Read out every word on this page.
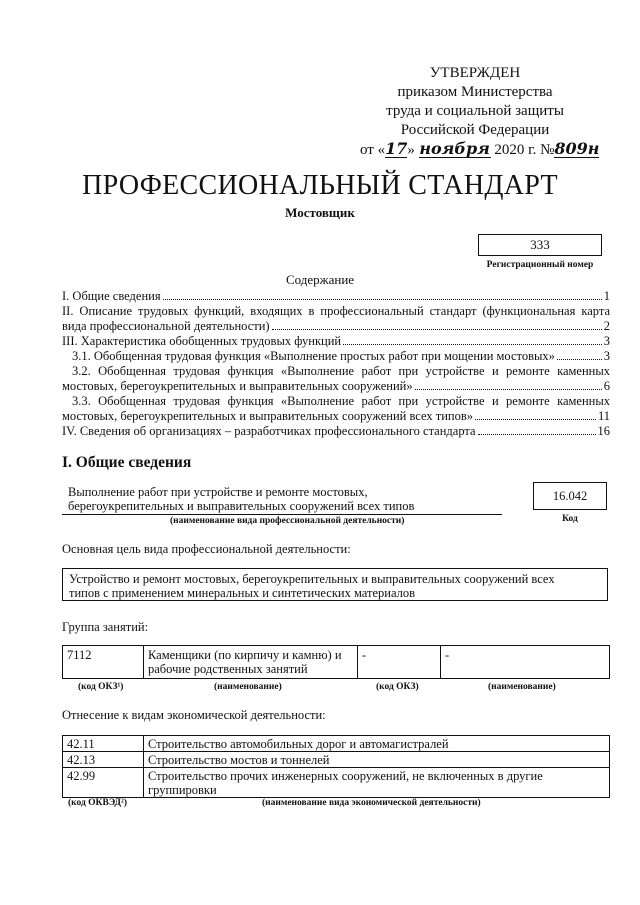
УТВЕРЖДЕН
приказом Министерства
труда и социальной защиты
Российской Федерации
от «17» ноября 2020 г. №809н
ПРОФЕССИОНАЛЬНЫЙ СТАНДАРТ
Мостовщик
333
Регистрационный номер
Содержание
I. Общие сведения	1
II. Описание трудовых функций, входящих в профессиональный стандарт (функциональная карта
вида профессиональной деятельности)	2
III. Характеристика обобщенных трудовых функций	3
3.1. Обобщенная трудовая функция «Выполнение простых работ при мощении мостовых»	3
3.2. Обобщенная трудовая функция «Выполнение работ при устройстве и ремонте каменных
мостовых, берегоукрепительных и выправительных сооружений»	6
3.3. Обобщенная трудовая функция «Выполнение работ при устройстве и ремонте каменных
мостовых, берегоукрепительных и выправительных сооружений всех типов»	11
IV. Сведения об организациях – разработчиках профессионального стандарта	16
I. Общие сведения
Выполнение работ при устройстве и ремонте мостовых,
берегоукрепительных и выправительных сооружений всех типов
(наименование вида профессиональной деятельности)
16.042
Код
Основная цель вида профессиональной деятельности:
Устройство и ремонт мостовых, берегоукрепительных и выправительных сооружений всех
типов с применением минеральных и синтетических материалов
Группа занятий:
7112	Каменщики (по кирпичу и камню) и
рабочие родственных занятий
-	-
(код ОКЗ¹)	(наименование)	(код ОКЗ)	(наименование)
Отнесение к видам экономической деятельности:
42.11	Строительство автомобильных дорог и автомагистралей
42.13	Строительство мостов и тоннелей
42.99	Строительство прочих инженерных сооружений, не включенных в другие
группировки
(код ОКВЭД²)	(наименование вида экономической деятельности)
